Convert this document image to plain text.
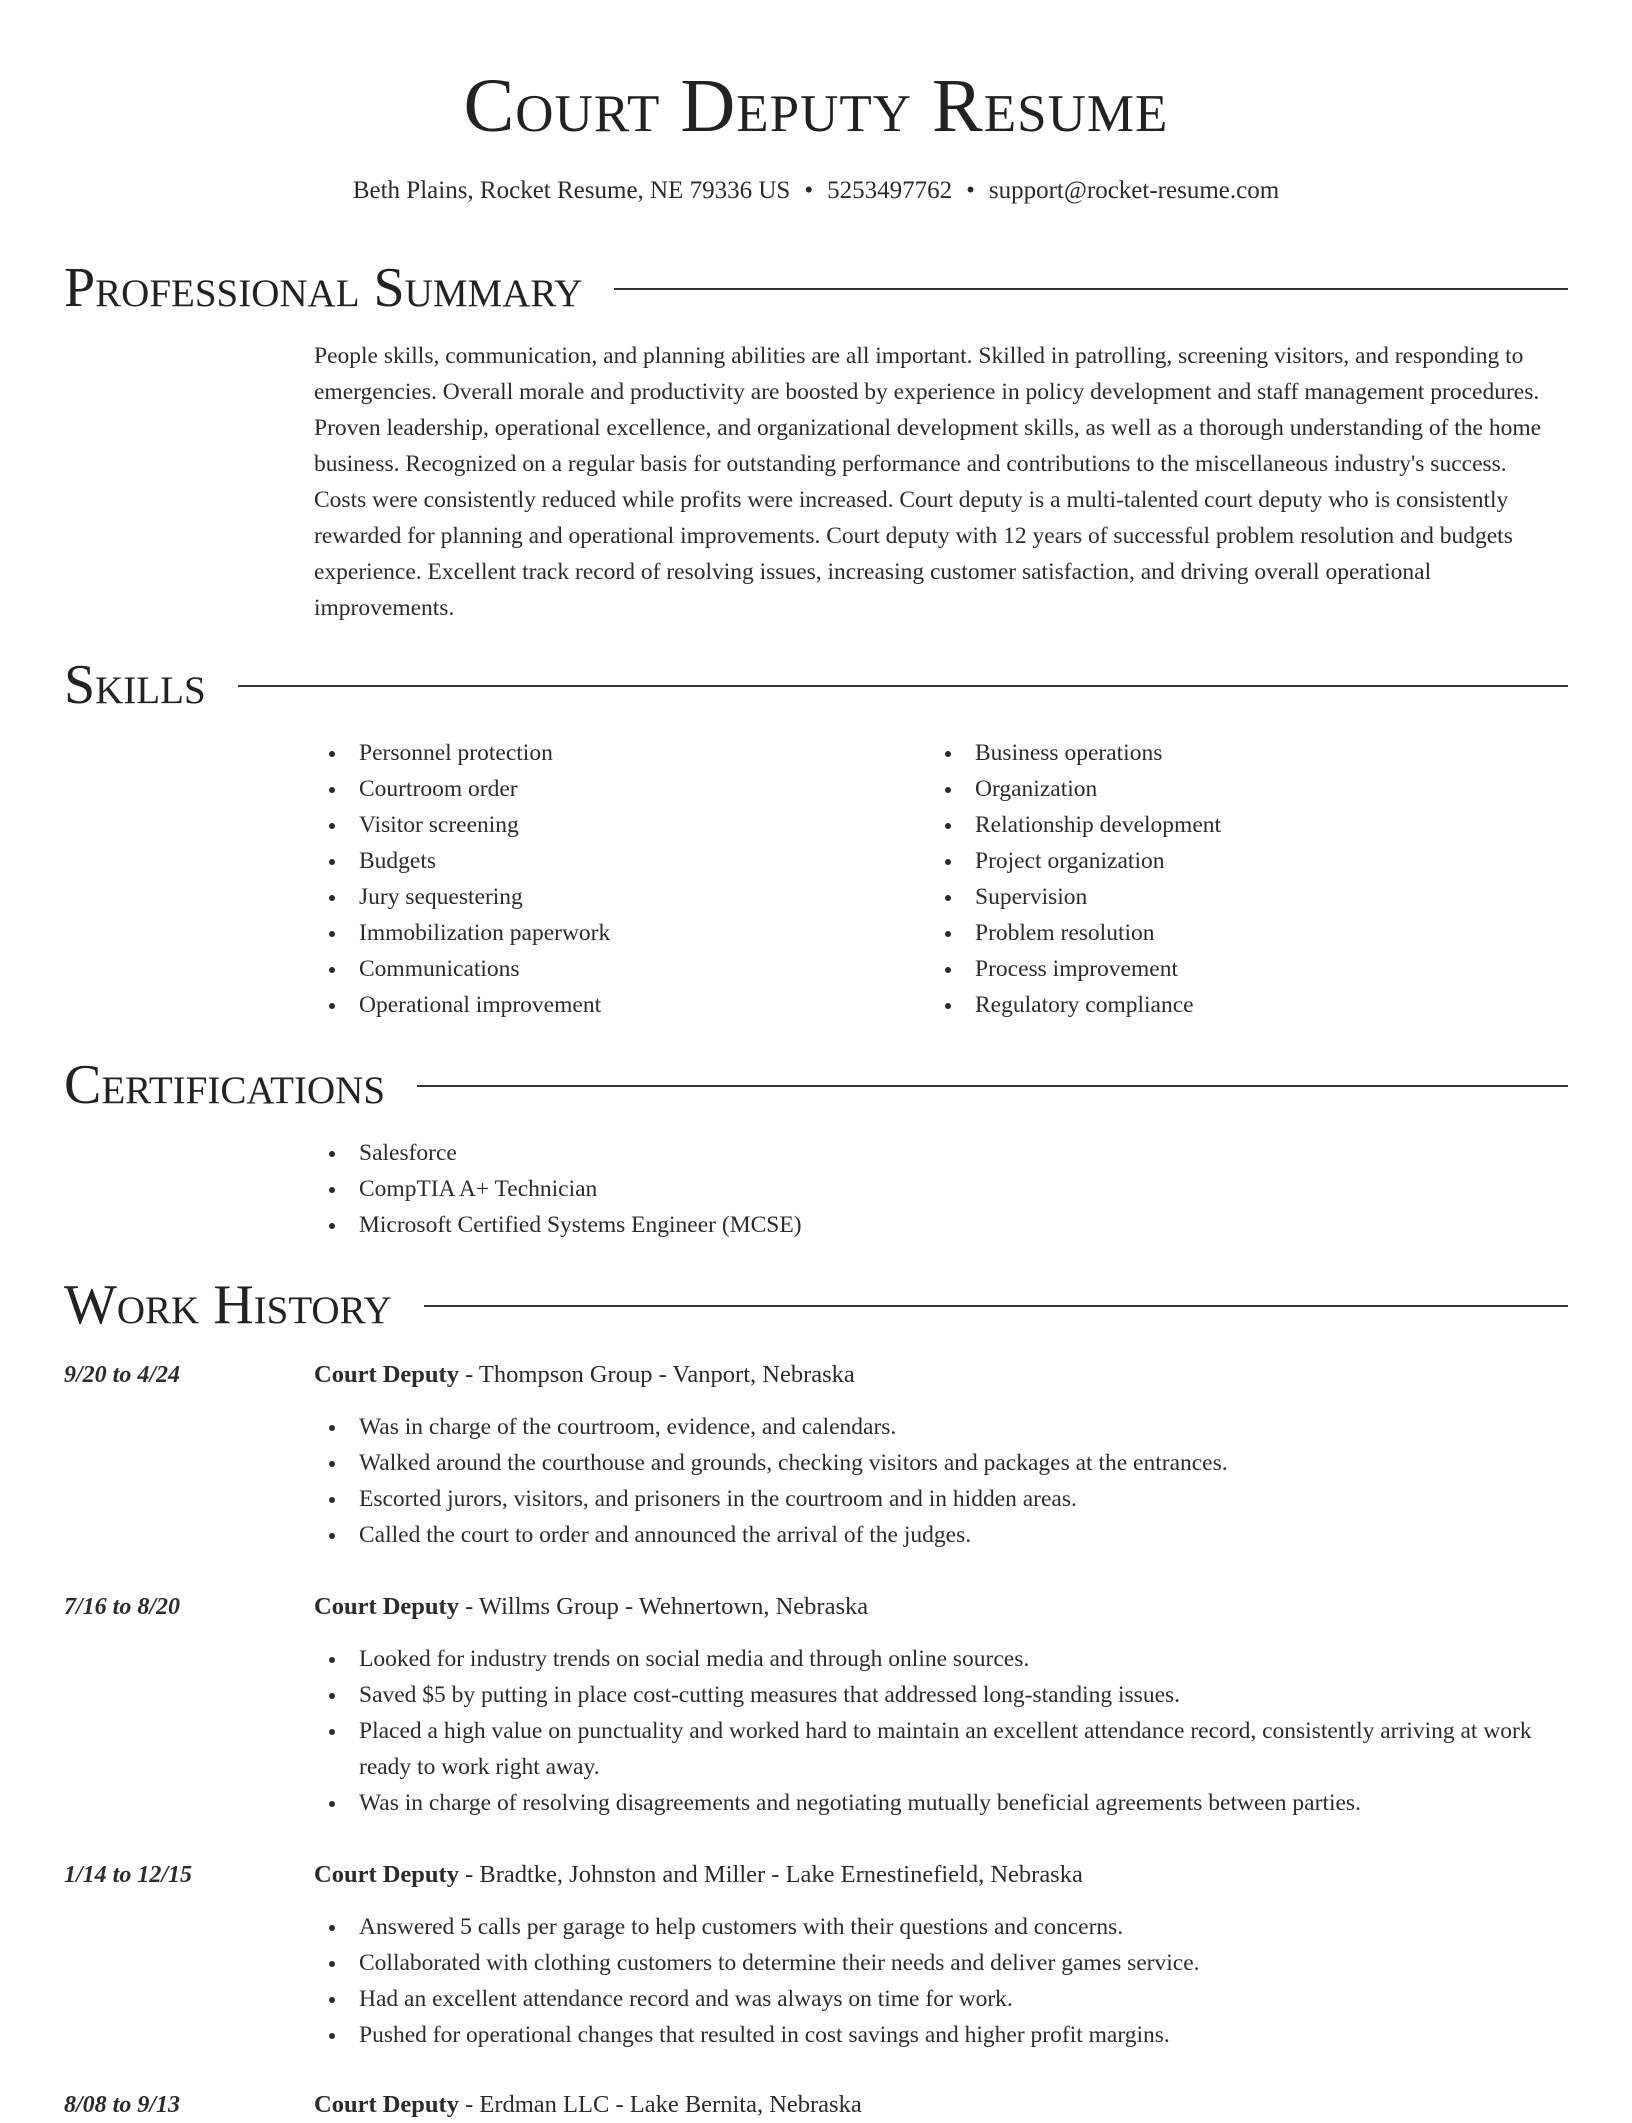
Court Deputy Resume
Beth Plains, Rocket Resume, NE 79336 US • 5253497762 • support@rocket-resume.com
Professional Summary

People skills, communication, and planning abilities are all important. Skilled in patrolling, screening visitors, and responding to emergencies. Overall morale and productivity are boosted by experience in policy development and staff management procedures. Proven leadership, operational excellence, and organizational development skills, as well as a thorough understanding of the home business. Recognized on a regular basis for outstanding performance and contributions to the miscellaneous industry's success. Costs were consistently reduced while profits were increased. Court deputy is a multi-talented court deputy who is consistently rewarded for planning and operational improvements. Court deputy with 12 years of successful problem resolution and budgets experience. Excellent track record of resolving issues, increasing customer satisfaction, and driving overall operational improvements.

Skills
Personnel protection
Courtroom order
Visitor screening
Budgets
Jury sequestering
Immobilization paperwork
Communications
Operational improvement
Business operations
Organization
Relationship development
Project organization
Supervision
Problem resolution
Process improvement
Regulatory compliance
Certifications
Salesforce
CompTIA A+ Technician
Microsoft Certified Systems Engineer (MCSE)
Work History
9/20 to 4/24	Court Deputy - Thompson Group - Vanport, Nebraska
Was in charge of the courtroom, evidence, and calendars.
Walked around the courthouse and grounds, checking visitors and packages at the entrances.
Escorted jurors, visitors, and prisoners in the courtroom and in hidden areas.
Called the court to order and announced the arrival of the judges.
7/16 to 8/20	Court Deputy - Willms Group - Wehnertown, Nebraska
Looked for industry trends on social media and through online sources.
Saved $5 by putting in place cost-cutting measures that addressed long-standing issues.
Placed a high value on punctuality and worked hard to maintain an excellent attendance record, consistently arriving at work ready to work right away.
Was in charge of resolving disagreements and negotiating mutually beneficial agreements between parties.
1/14 to 12/15	Court Deputy - Bradtke, Johnston and Miller - Lake Ernestinefield, Nebraska
Answered 5 calls per garage to help customers with their questions and concerns.
Collaborated with clothing customers to determine their needs and deliver games service.
Had an excellent attendance record and was always on time for work.
Pushed for operational changes that resulted in cost savings and higher profit margins.
8/08 to 9/13	Court Deputy - Erdman LLC - Lake Bernita, Nebraska
